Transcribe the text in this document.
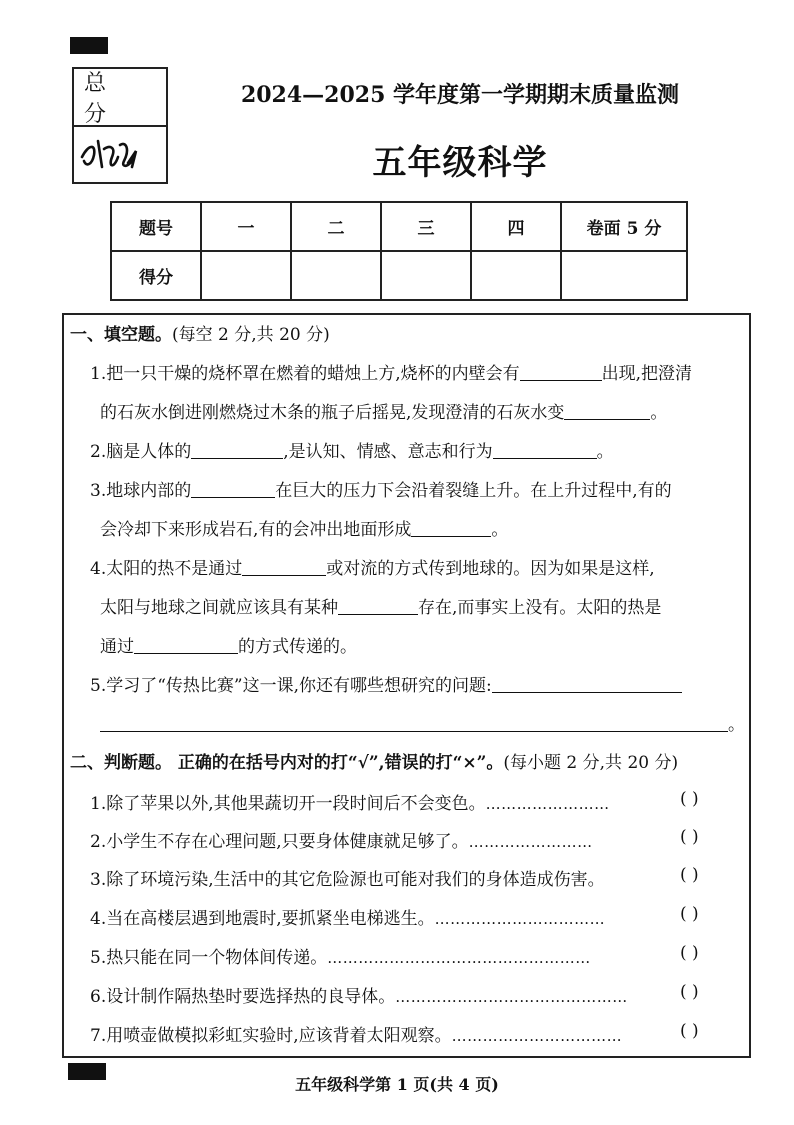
总 分
2024—2025 学年度第一学期期末质量监测
五年级科学
题号	一	二	三	四	卷面 5 分
得分					
一、填空题。(每空 2 分,共 20 分)
1.把一只干燥的烧杯罩在燃着的蜡烛上方,烧杯的内壁会有	出现,把澄清
的石灰水倒进刚燃烧过木条的瓶子后摇晃,发现澄清的石灰水变	。
2.脑是人体的	,是认知、情感、意志和行为	。
3.地球内部的	在巨大的压力下会沿着裂缝上升。在上升过程中,有的
会冷却下来形成岩石,有的会冲出地面形成	。
4.太阳的热不是通过	或对流的方式传到地球的。因为如果是这样,
太阳与地球之间就应该具有某种	存在,而事实上没有。太阳的热是
通过	的方式传递的。
5.学习了“传热比赛”这一课,你还有哪些想研究的问题:
。
二、判断题。 正确的在括号内对的打“√”,错误的打“×”。(每小题 2 分,共 20 分)
1.除了苹果以外,其他果蔬切开一段时间后不会变色。……………………	( )
2.小学生不存在心理问题,只要身体健康就足够了。……………………	( )
3.除了环境污染,生活中的其它危险源也可能对我们的身体造成伤害。	( )
4.当在高楼层遇到地震时,要抓紧坐电梯逃生。……………………………	( )
5.热只能在同一个物体间传递。……………………………………………	( )
6.设计制作隔热垫时要选择热的良导体。………………………………………	( )
7.用喷壶做模拟彩虹实验时,应该背着太阳观察。……………………………	( )
五年级科学第 1 页(共 4 页)
